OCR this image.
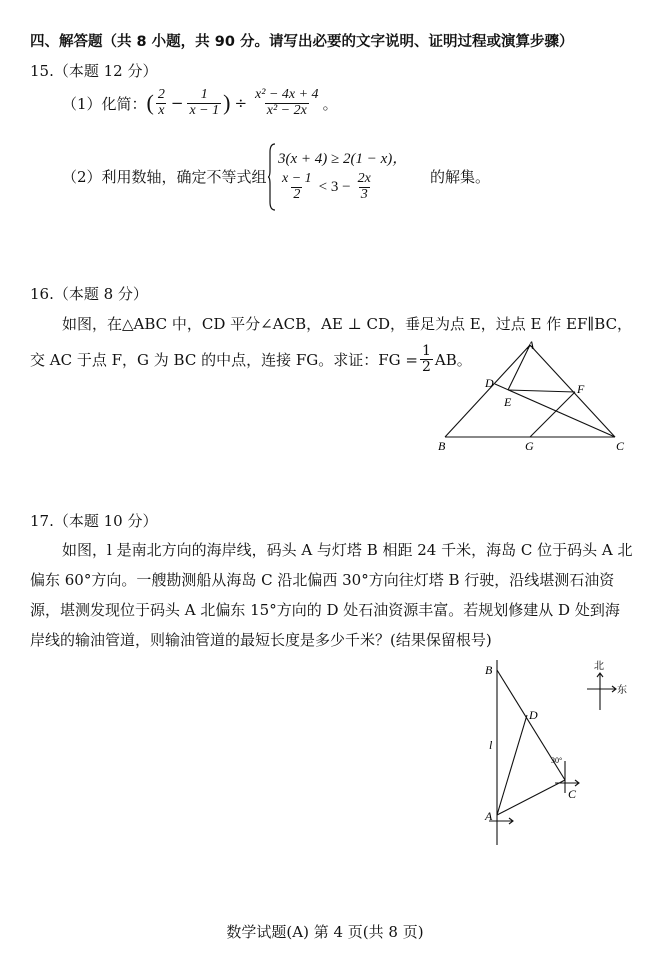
四、解答题（共 8 小题，共 90 分。请写出必要的文字说明、证明过程或演算步骤）
15.（本题 12 分）
（1）化简： ( $\frac{2}{x} - \frac{1}{x - 1}$ ) ÷ $\frac{\text{x² − 4x + 4}}{\text{x² − 2x}}$ 。
（2）利用数轴，确定不等式组
3(x + 4) ≥ 2(1 − x)，
$\frac{x - 1}{2} < 3 - \frac{2x}{3}$	的解集。
16.（本题 8 分）
如图，在△ABC 中，CD 平分∠ACB，AE ⊥ CD，垂足为点 E，过点 E 作 EF∥BC，
交 AC 于点 F，G 为 BC 的中点，连接 FG。求证：FG = $\frac{1}{2}$ AB。
A
B	C
D
E
F
G
17.（本题 10 分）
如图，l 是南北方向的海岸线，码头 A 与灯塔 B 相距 24 千米，海岛 C 位于码头 A 北
偏东 60°方向。一艘勘测船从海岛 C 沿北偏西 30°方向往灯塔 B 行驶，沿线堪测石油资
源，堪测发现位于码头 A 北偏东 15°方向的 D 处石油资源丰富。若规划修建从 D 处到海
岸线的输油管道，则输油管道的最短长度是多少千米？(结果保留根号)
B
D
l
A
C
30°
北
东
数学试题(A) 第 4 页(共 8 页)
